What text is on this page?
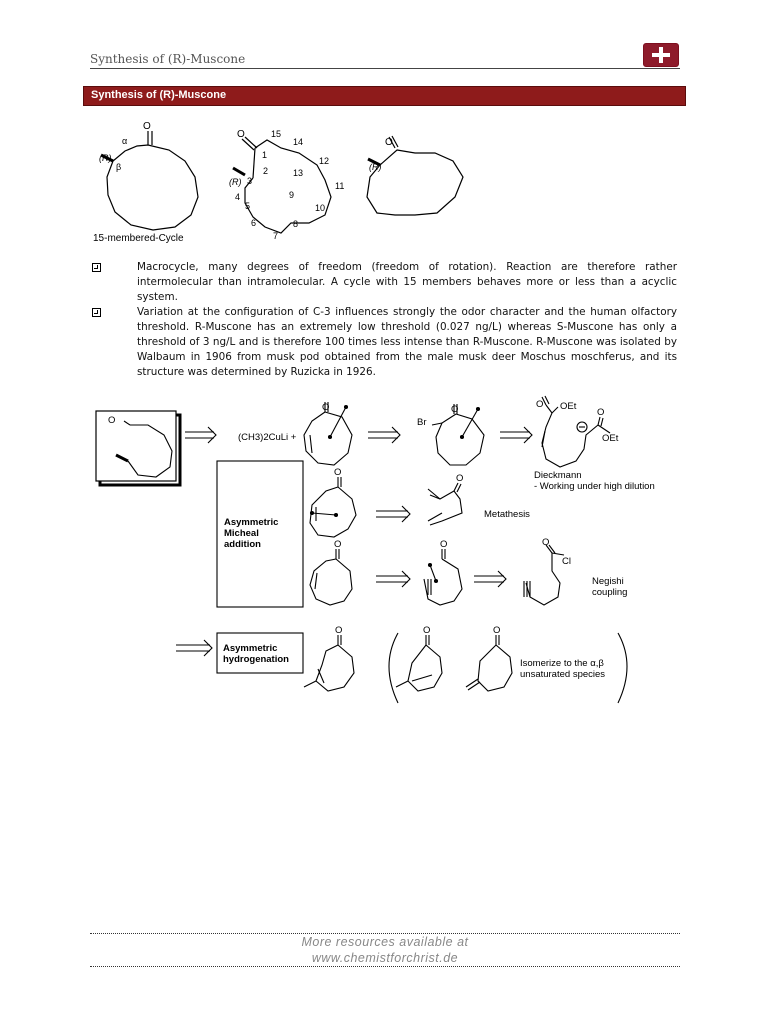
Synthesis of (R)-Muscone
Synthesis of (R)-Muscone
O
α
(R)
β
15-membered-Cycle
O	15
14
1
2
12
13
(R) 3	11
9
4
5	10
6	8
7
O
(R)
Macrocycle, many degrees of freedom (freedom of rotation). Reaction are therefore rather intermolecular than intramolecular. A cycle with 15 members behaves more or less than a acyclic system.
Variation at the configuration of C-3 influences strongly the odor character and the human olfactory threshold. R-Muscone has an extremely low threshold (0.027 ng/L) whereas S-Muscone has only a threshold of 3 ng/L and is therefore 100 times less intense than R-Muscone. R-Muscone was isolated by Walbaum in 1906 from musk pod obtained from the male musk deer Moschus moschferus, and its structure was determined by Ruzicka in 1926.
O
(CH3)2CuLi +
O
Br
O	O OEt
O
OEt
Dieckmann
- Working under high dilution
Asymmetric
Micheal
addition
O
O
Metathesis
O	O	O
Cl
Negishi
coupling
Asymmetric
hydrogenation
O	O	O
Isomerize to the α,β
unsaturated species
More resources available at
www.chemistforchrist.de
